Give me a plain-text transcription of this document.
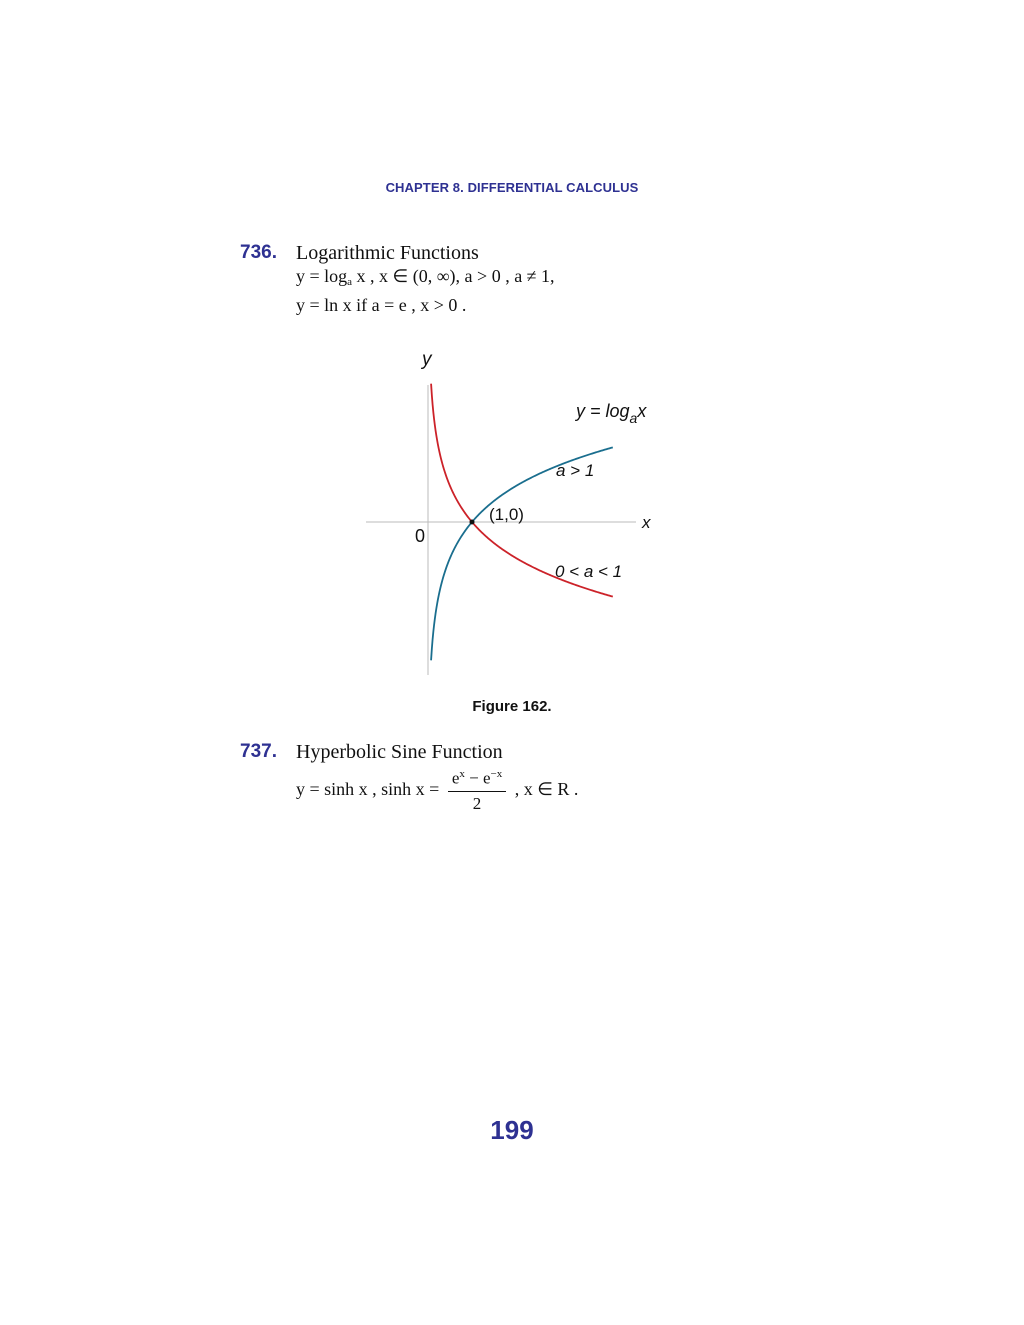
CHAPTER 8. DIFFERENTIAL CALCULUS
736. Logarithmic Functions
$y = \log_a x$ , x ∈ (0, ∞), a > 0 , a ≠ 1,
y = ln x if a = e , x > 0 .
y
x
0
(1,0)
$y = \log_ax$
a > 1
0 < a < 1
Figure 162.
737. Hyperbolic Sine Function
y = sinh x , $\sinh x = \frac{e^x - e^{-x}}{2}$ , x ∈ R .
199
